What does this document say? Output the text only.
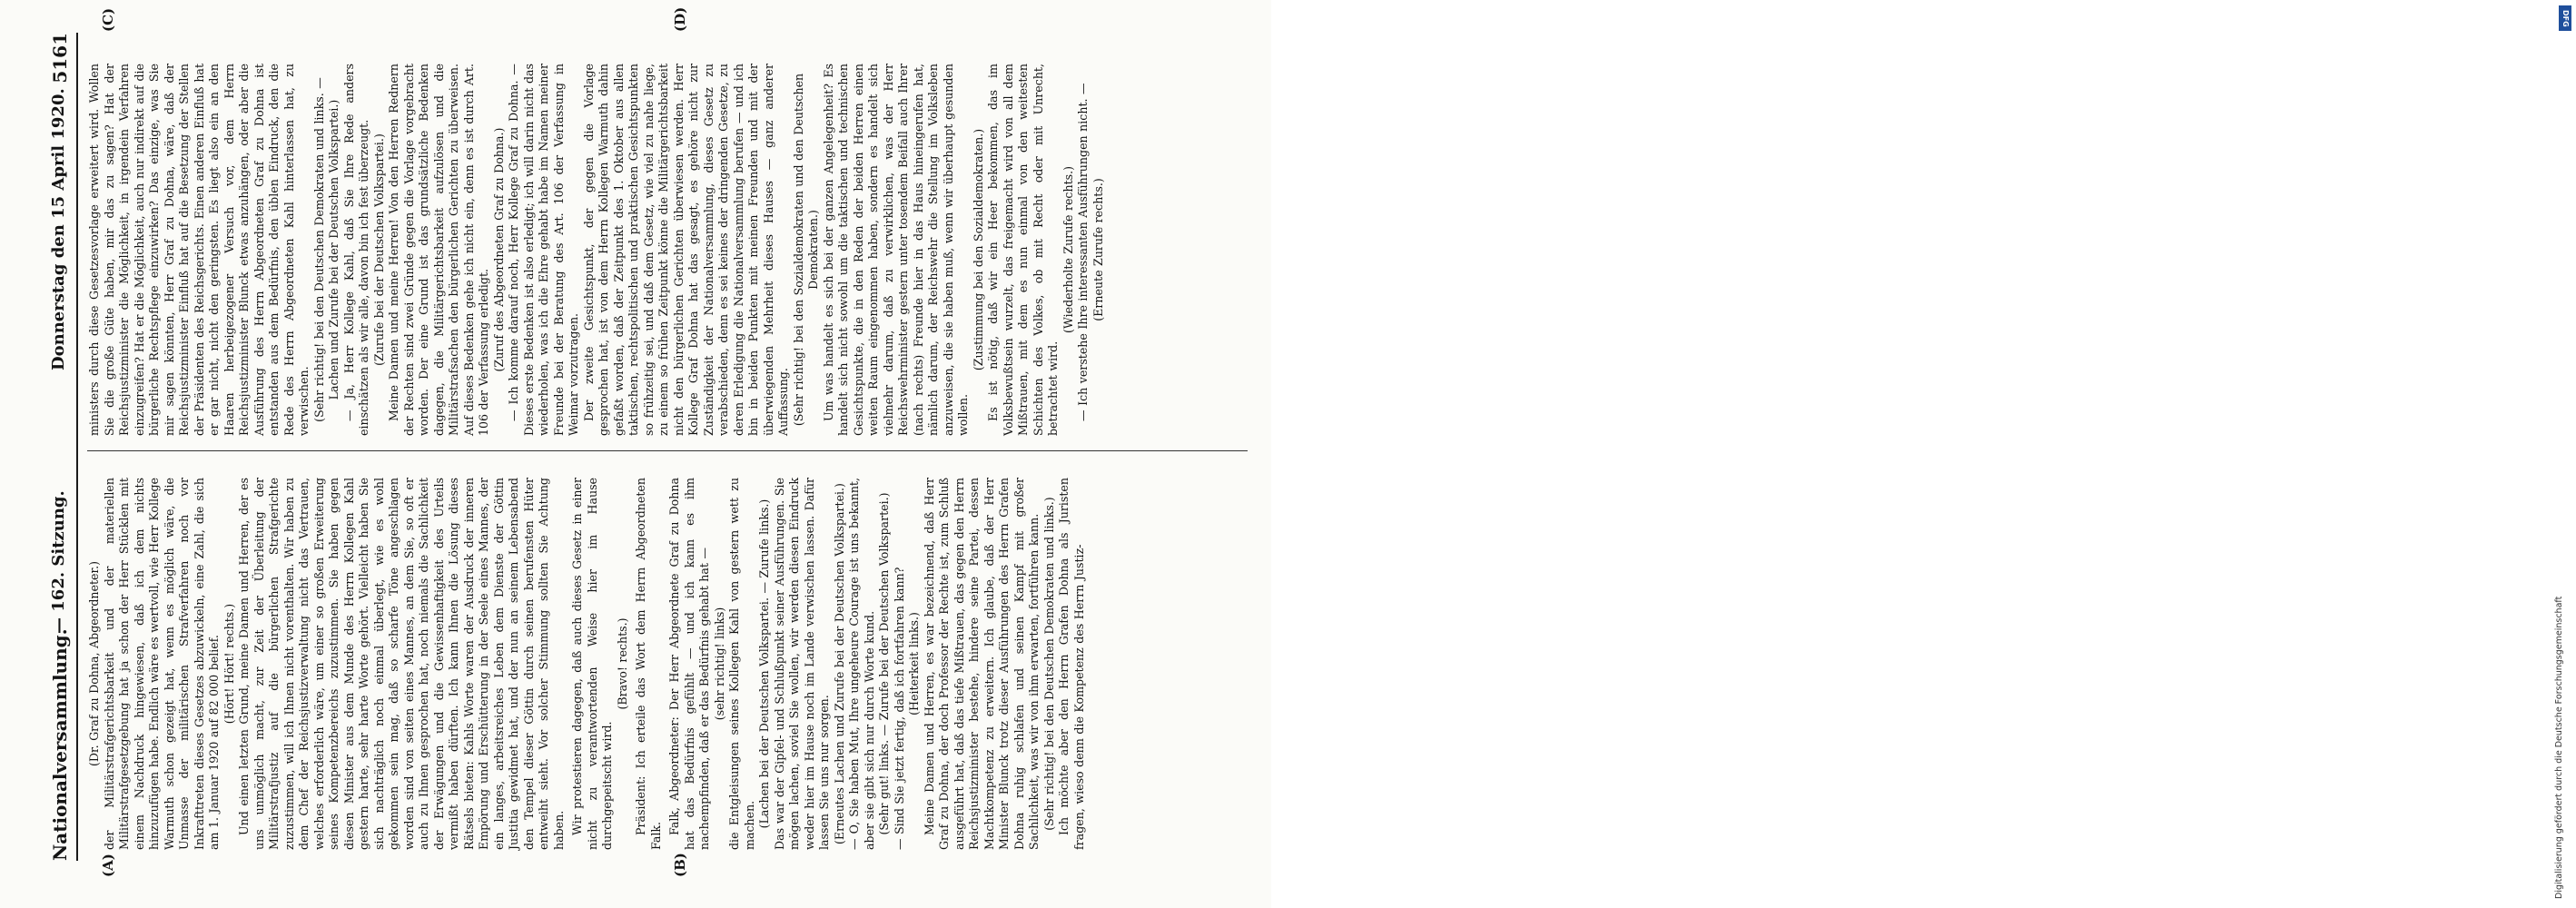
Nationalversammlung.
— 162. Sitzung.
Donnerstag den 15 April 1920.
5161
(A)	(B)
(C)	(D)

(Dr. Graf zu Dohna, Abgeordneter.) der Militärstrafgerichtsbarkeit und der materiellen Militärstrafgesetzgebung hat ja schon der Herr Stücklen mit einem Nachdruck hingewiesen, daß ich dem nichts hinzuzufügen habe. Endlich wäre es wertvoll, wie Herr Kollege Warmuth schon gezeigt hat, wenn es möglich wäre, die Unmasse der militärischen Strafverfahren noch vor Inkrafttreten dieses Gesetzes abzuwickeln, eine Zahl, die sich am 1. Januar 1920 auf 82 000 belief. (Hört! Hört! rechts.) Und einen letzten Grund, meine Damen und Herren, der es uns unmöglich macht, zur Zeit der Überleitung der Militärstrafjustiz auf die bürgerlichen Strafgerichte zuzustimmen, will ich Ihnen nicht vorenthalten. Wir haben zu dem Chef der Reichsjustizverwaltung nicht das Vertrauen, welches erforderlich wäre, um einer so großen Erweiterung seines Kompetenzbereichs zuzustimmen. Sie haben gegen diesen Minister aus dem Munde des Herrn Kollegen Kahl gestern harte, sehr harte Worte gehört. Vielleicht haben Sie sich nachträglich noch einmal überlegt, wie es wohl gekommen sein mag, daß so scharfe Töne angeschlagen worden sind von seiten eines Mannes, an dem Sie, so oft er auch zu Ihnen gesprochen hat, noch niemals die Sachlichkeit der Erwägungen und die Gewissenhaftigkeit des Urteils vermißt haben dürften. Ich kann Ihnen die Lösung dieses Rätsels bieten: Kahls Worte waren der Ausdruck der inneren Empörung und Erschütterung in der Seele eines Mannes, der ein langes, arbeitsreiches Leben dem Dienste der Göttin Justitia gewidmet hat, und der nun an seinem Lebensabend den Tempel dieser Göttin durch seinen berufensten Hüter entweiht sieht. Vor solcher Stimmung sollten Sie Achtung haben. Wir protestieren dagegen, daß auch dieses Gesetz in einer nicht zu verantwortenden Weise hier im Hause durchgepeitscht wird.

(Bravo! rechts.) Präsident: Ich erteile das Wort dem Herrn Abgeordneten Falk.

Falk, Abgeordneter: Der Herr Abgeordnete Graf zu Dohna hat das Bedürfnis gefühlt — und ich kann es ihm nachempfinden, daß er das Bedürfnis gehabt hat — (sehr richtig! links) die Entgleisungen seines Kollegen Kahl von gestern wett zu machen. (Lachen bei der Deutschen Volkspartei. — Zurufe links.) Das war der Gipfel- und Schlußpunkt seiner Ausführungen. Sie mögen lachen, soviel Sie wollen, wir werden diesen Eindruck weder hier im Hause noch im Lande verwischen lassen. Dafür lassen Sie uns nur sorgen. (Erneutes Lachen und Zurufe bei der Deutschen Volkspartei.) — O, Sie haben Mut, Ihre ungeheure Courage ist uns bekannt, aber sie gibt sich nur durch Worte kund. (Sehr gut! links. — Zurufe bei der Deutschen Volkspartei.) — Sind Sie jetzt fertig, daß ich fortfahren kann? (Heiterkeit links.) Meine Damen und Herren, es war bezeichnend, daß Herr Graf zu Dohna, der doch Professor der Rechte ist, zum Schluß ausgeführt hat, daß das tiefe Mißtrauen, das gegen den Herrn Reichsjustizminister bestehe, hindere seine Partei, dessen Machtkompetenz zu erweitern. Ich glaube, daß der Herr Minister Blunck trotz dieser Ausführungen des Herrn Grafen Dohna ruhig schlafen und seinen Kampf mit großer Sachlichkeit, was wir von ihm erwarten, fortführen kann. (Sehr richtig! bei den Deutschen Demokraten und links.) Ich möchte aber den Herrn Grafen Dohna als Juristen fragen, wieso denn die Kompetenz des Herrn Justiz-

ministers durch diese Gesetzesvorlage erweitert wird. Wollen Sie die große Güte haben, mir das zu sagen? Hat der Reichsjustizminister die Möglichkeit, in irgendein Verfahren einzugreifen? Hat er die Möglichkeit, auch nur indirekt auf die bürgerliche Rechtspflege einzuwirken? Das einzige, was Sie mir sagen könnten, Herr Graf zu Dohna, wäre, daß der Reichsjustizminister Einfluß hat auf die Besetzung der Stellen der Präsidenten des Reichsgerichts. Einen anderen Einfluß hat er gar nicht, nicht den geringsten. Es liegt also ein an den Haaren herbeigezogener Versuch vor, dem Herrn Reichsjustizminister Blunck etwas anzuhängen, oder aber die Ausführung des Herrn Abgeordneten Graf zu Dohna ist entstanden aus dem Bedürfnis, den üblen Eindruck, den die Rede des Herrn Abgeordneten Kahl hinterlassen hat, zu verwischen. (Sehr richtig! bei den Deutschen Demokraten und links. — Lachen und Zurufe bei der Deutschen Volkspartei.) — Ja, Herr Kollege Kahl, daß Sie Ihre Rede anders einschätzen als wir alle, davon bin ich fest überzeugt. (Zurufe bei der Deutschen Volkspartei.) Meine Damen und meine Herren! Von den Herren Rednern der Rechten sind zwei Gründe gegen die Vorlage vorgebracht worden. Der eine Grund ist das grundsätzliche Bedenken dagegen, die Militärgerichtsbarkeit aufzulösen und die Militärstrafsachen den bürgerlichen Gerichten zu überweisen. Auf dieses Bedenken gehe ich nicht ein, denn es ist durch Art. 106 der Verfassung erledigt. (Zuruf des Abgeordneten Graf zu Dohna.) — Ich komme darauf noch, Herr Kollege Graf zu Dohna. — Dieses erste Bedenken ist also erledigt; ich will darin nicht das wiederholen, was ich die Ehre gehabt habe im Namen meiner Freunde bei der Beratung des Art. 106 der Verfassung in Weimar vorzutragen. Der zweite Gesichtspunkt, der gegen die Vorlage gesprochen hat, ist von dem Herrn Kollegen Warmuth dahin gefaßt worden, daß der Zeitpunkt des 1. Oktober aus allen taktischen, rechtspolitischen und praktischen Gesichtspunkten so frühzeitig sei, und daß dem Gesetz, wie viel zu nahe liege, zu einem so frühen Zeitpunkt könne die Militärgerichtsbarkeit nicht den bürgerlichen Gerichten überwiesen werden. Herr Kollege Graf Dohna hat das gesagt, es gehöre nicht zur Zuständigkeit der Nationalversammlung, dieses Gesetz zu verabschieden, denn es sei keines der dringenden Gesetze, zu deren Erledigung die Nationalversammlung berufen — und ich bin in beiden Punkten mit meinen Freunden und mit der überwiegenden Mehrheit dieses Hauses — ganz anderer Auffassung. (Sehr richtig! bei den Sozialdemokraten und den Deutschen Demokraten.) Um was handelt es sich bei der ganzen Angelegenheit? Es handelt sich nicht sowohl um die taktischen und technischen Gesichtspunkte, die in den Reden der beiden Herren einen weiten Raum eingenommen haben, sondern es handelt sich vielmehr darum, daß zu verwirklichen, was der Herr Reichswehrminister gestern unter tosendem Beifall auch Ihrer (nach rechts) Freunde hier in das Haus hineingerufen hat, nämlich darum, der Reichswehr die Stellung im Volksleben anzuweisen, die sie haben muß, wenn wir überhaupt gesunden wollen.

(Zustimmung bei den Sozialdemokraten.) Es ist nötig, daß wir ein Heer bekommen, das im Volksbewußtsein wurzelt, das freigemacht wird von all dem Mißtrauen, mit dem es nun einmal von den weitesten Schichten des Volkes, ob mit Recht oder mit Unrecht, betrachtet wird.

(Wiederholte Zurufe rechts.) — Ich verstehe Ihre interessanten Ausführungen nicht. — (Erneute Zurufe rechts.)

DFG
Digitalisierung gefördert durch die Deutsche Forschungsgemeinschaft
